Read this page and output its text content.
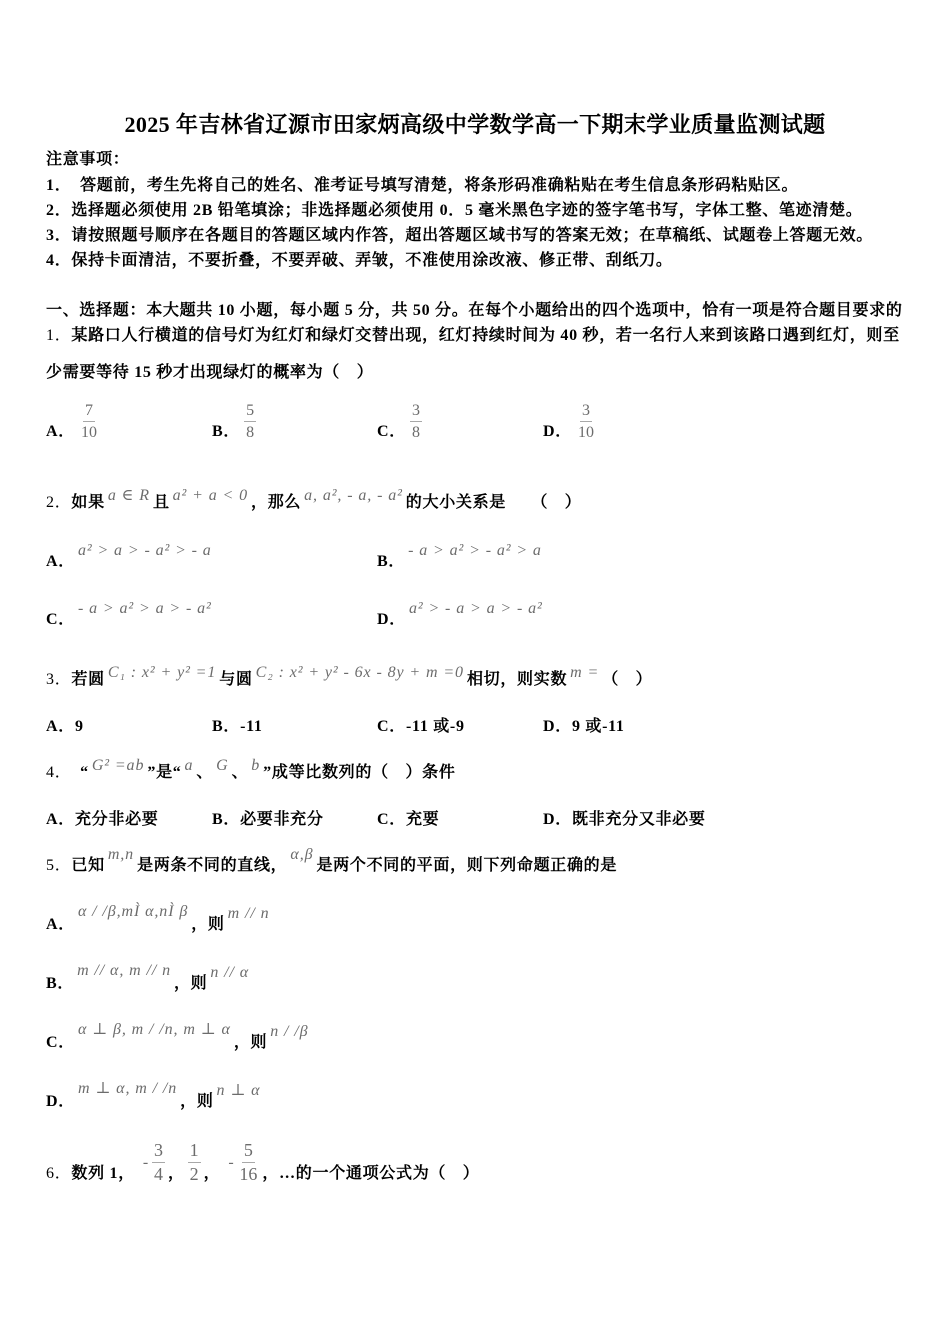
2025 年吉林省辽源市田家炳高级中学数学高一下期末学业质量监测试题
注意事项：
1．　答题前，考生先将自己的姓名、准考证号填写清楚，将条形码准确粘贴在考生信息条形码粘贴区。
2．选择题必须使用 2B 铅笔填涂；非选择题必须使用 0．5 毫米黑色字迹的签字笔书写，字体工整、笔迹清楚。
3．请按照题号顺序在各题目的答题区域内作答，超出答题区域书写的答案无效；在草稿纸、试题卷上答题无效。
4．保持卡面清洁，不要折叠，不要弄破、弄皱，不准使用涂改液、修正带、刮纸刀。
一、选择题：本大题共 10 小题，每小题 5 分，共 50 分。在每个小题给出的四个选项中，恰有一项是符合题目要求的
1．某路口人行横道的信号灯为红灯和绿灯交替出现，红灯持续时间为 40 秒，若一名行人来到该路口遇到红灯，则至
少需要等待 15 秒才出现绿灯的概率为（　）
A． $\frac{7}{10}$	B． $\frac{5}{8}$	C． $\frac{3}{8}$	D． $\frac{3}{10}$
2．如果 a ∈ R 且 a² + a < 0 ，那么 a, a², - a, - a² 的大小关系是　　（　）
A．a² > a > - a² > - a
B．- a > a² > - a² > a
C．- a > a² > a > - a²
D．a² > - a > a > - a²
3．若圆 C₁ : x² + y² =1 与圆 C₂ : x² + y² - 6x - 8y + m =0 相切，则实数 m = （　）
A．9	B．-11	C．-11 或-9	D．9 或-11
4．　“ G² =ab ”是“ a 、 G 、 b ”成等比数列的（　）条件
A．充分非必要	B．必要非充分	C．充要	D．既非充分又非必要
5．已知m,n是两条不同的直线，α,β是两个不同的平面，则下列命题正确的是
A．α / /β,mÌ α,nÌ β，则m // n
B．m // α, m // n，则n // α
C．α ⊥ β, m / /n, m ⊥ α，则n / /β
D．m ⊥ α, m / /n，则n ⊥ α
6．数列 1，- $\frac{3}{4}$ ， $\frac{1}{2}$ ，- $\frac{5}{16}$ ，…的一个通项公式为（　）
